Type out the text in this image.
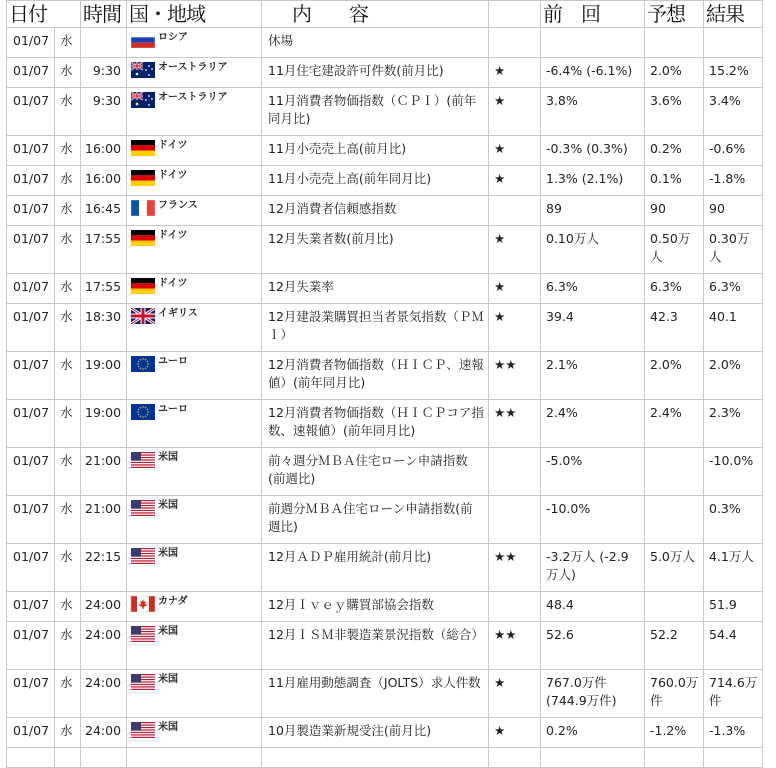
日付		時間	国・地域	内　　容		前　回	予想	結果
01/07	水		$^{ロシア}$	休場				
01/07	水	9:30	$^{オーストラリア}$	11月住宅建設許可件数(前月比)	★	-6.4% (-6.1%)	2.0%	15.2%
01/07	水	9:30	$^{オーストラリア}$	11月消費者物価指数（ＣＰＩ）(前年同月比)	★	3.8%	3.6%	3.4%
01/07	水	16:00	$^{ドイツ}$	11月小売売上高(前月比)	★	-0.3% (0.3%)	0.2%	-0.6%
01/07	水	16:00	$^{ドイツ}$	11月小売売上高(前年同月比)	★	1.3% (2.1%)	0.1%	-1.8%
01/07	水	16:45	$^{フランス}$	12月消費者信頼感指数		89	90	90
01/07	水	17:55	$^{ドイツ}$	12月失業者数(前月比)	★	0.10万人	0.50万人	0.30万人
01/07	水	17:55	$^{ドイツ}$	12月失業率	★	6.3%	6.3%	6.3%
01/07	水	18:30	$^{イギリス}$	12月建設業購買担当者景気指数（ＰＭＩ）	★	39.4	42.3	40.1
01/07	水	19:00	$^{ユーロ}$	12月消費者物価指数（ＨＩＣＰ、速報値）(前年同月比)	★★	2.1%	2.0%	2.0%
01/07	水	19:00	$^{ユーロ}$	12月消費者物価指数（ＨＩＣＰコア指数、速報値）(前年同月比)	★★	2.4%	2.4%	2.3%
01/07	水	21:00	$^{米国}$	前々週分ＭＢＡ住宅ローン申請指数(前週比)		-5.0%		-10.0%
01/07	水	21:00	$^{米国}$	前週分ＭＢＡ住宅ローン申請指数(前週比)		-10.0%		0.3%
01/07	水	22:15	$^{米国}$	12月ＡＤＰ雇用統計(前月比)	★★	-3.2万人 (-2.9万人)	5.0万人	4.1万人
01/07	水	24:00	$^{カナダ}$	12月Ｉｖｅｙ購買部協会指数		48.4		51.9
01/07	水	24:00	$^{米国}$	12月ＩＳＭ非製造業景況指数（総合）	★★	52.6	52.2	54.4
01/07	水	24:00	$^{米国}$	11月雇用動態調査（JOLTS）求人件数	★	767.0万件 (744.9万件)	760.0万件	714.6万件
01/07	水	24:00	$^{米国}$	10月製造業新規受注(前月比)	★	0.2%	-1.2%	-1.3%
